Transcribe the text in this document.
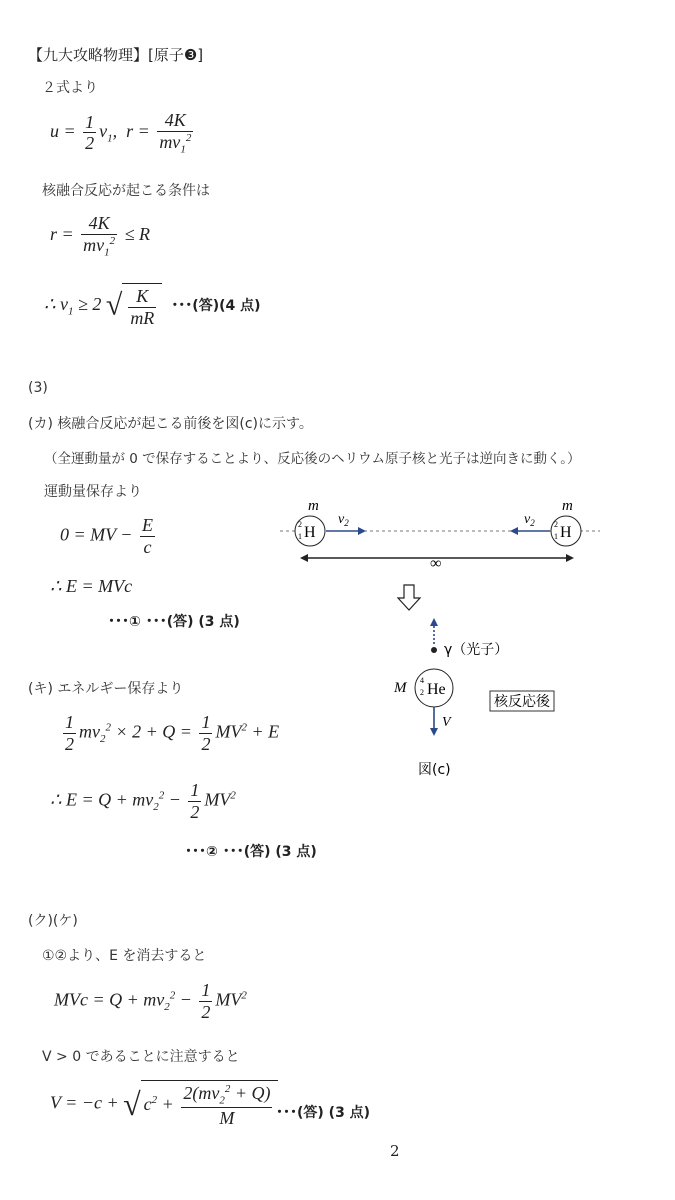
【九大攻略物理】[原子❸]
２式より
$u = \frac{1}{2} v_1$,  $r = \frac{4K}{mv_1^2}$
核融合反応が起こる条件は
$r = \frac{4K}{mv_1^2} \le R$
∴ $v_1 \ge 2$ √ $\frac{K}{mR}$ ･･･(答)(4 点)
(3)
(カ) 核融合反応が起こる前後を図(c)に示す。
（全運動量が 0 で保存することより、反応後のヘリウム原子核と光子は逆向きに動く。）
運動量保存より
0 = MV − $\frac{E}{c}$
∴ E = MVc
･･･① ･･･(答) (3 点)
(キ) エネルギー保存より
$\frac{1}{2} mv_2^2 \times 2 + Q = \frac{1}{2} MV^2 + E$
∴ $E = Q + mv_2^2 - \frac{1}{2} MV^2$
･･･② ･･･(答) (3 点)
(ク)(ケ)
①②より、E を消去すると
MVc = $Q + mv_2^2 - \frac{1}{2} MV^2$
V > 0 であることに注意すると
V = −c + √ $c^2 + \frac{2(mv_2^2 + Q)}{M}$ ･･･(答) (3 点)
2
1 H
m
$v_2$	2
1 H
m
$v_2$
∞
γ（光子）
4
2 He
M
V
核反応後
図(c)
2
